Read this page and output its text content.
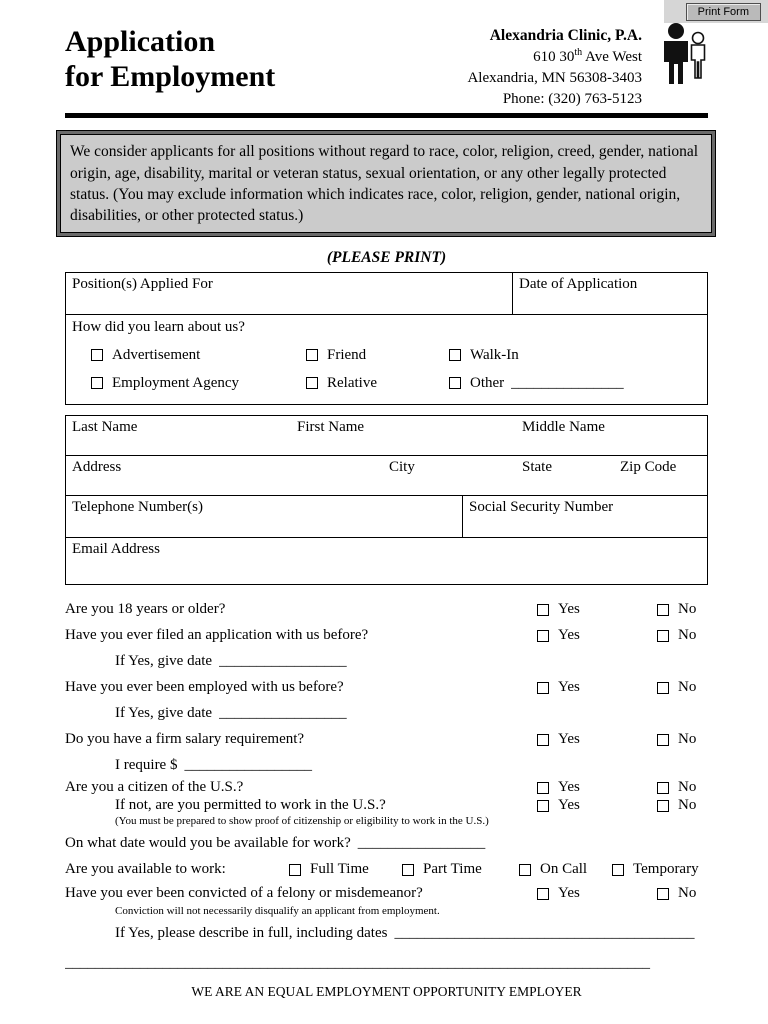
Print Form
Application
for Employment
Alexandria Clinic, P.A.
610 30th Ave West
Alexandria, MN 56308-3403
Phone: (320) 763-5123
We consider applicants for all positions without regard to race, color, religion, creed, gender, national origin, age, disability, marital or veteran status, sexual orientation, or any other legally protected status. (You may exclude information which indicates race, color, religion, gender, national origin, disabilities, or other protected status.)
(PLEASE PRINT)
Position(s) Applied For	Date of Application
How did you learn about us?
Advertisement	Friend	Walk-In
Employment Agency	Relative	Other _______________
Last Name	First Name	Middle Name
Address	City	State	Zip Code
Telephone Number(s)	Social Security Number
Email Address
Are you 18 years or older?	Yes	No
Have you ever filed an application with us before?	Yes	No
If Yes, give date _________________
Have you ever been employed with us before?	Yes	No
If Yes, give date _________________
Do you have a firm salary requirement?	Yes	No
I require $ _________________
Are you a citizen of the U.S.?	Yes	No
If not, are you permitted to work in the U.S.?	Yes	No
(You must be prepared to show proof of citizenship or eligibility to work in the U.S.)
On what date would you be available for work? _________________
Are you available to work:	Full Time	Part Time	On Call	Temporary
Have you ever been convicted of a felony or misdemeanor?	Yes	No
Conviction will not necessarily disqualify an applicant from employment.
If Yes, please describe in full, including dates ________________________________________
______________________________________________________________________________
WE ARE AN EQUAL EMPLOYMENT OPPORTUNITY EMPLOYER
